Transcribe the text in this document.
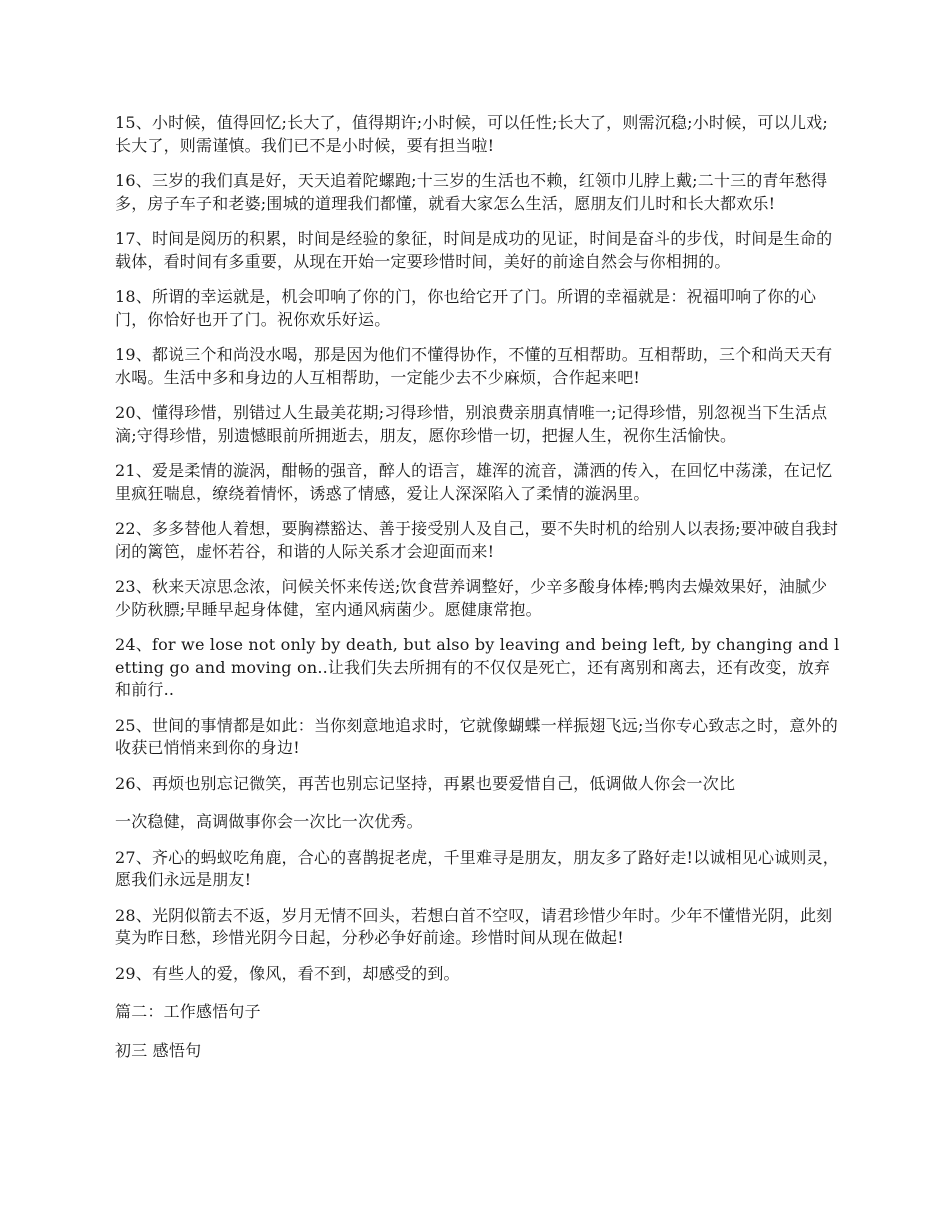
15、小时候，值得回忆;长大了，值得期许;小时候，可以任性;长大了，则需沉稳;小时候，可以儿戏;长大了，则需谨慎。我们已不是小时候，要有担当啦!

16、三岁的我们真是好，天天追着陀螺跑;十三岁的生活也不赖，红领巾儿脖上戴;二十三的青年愁得多，房子车子和老婆;围城的道理我们都懂，就看大家怎么生活，愿朋友们儿时和长大都欢乐!

17、时间是阅历的积累，时间是经验的象征，时间是成功的见证，时间是奋斗的步伐，时间是生命的载体，看时间有多重要，从现在开始一定要珍惜时间，美好的前途自然会与你相拥的。

18、所谓的幸运就是，机会叩响了你的门，你也给它开了门。所谓的幸福就是：祝福叩响了你的心门，你恰好也开了门。祝你欢乐好运。

19、都说三个和尚没水喝，那是因为他们不懂得协作，不懂的互相帮助。互相帮助，三个和尚天天有水喝。生活中多和身边的人互相帮助，一定能少去不少麻烦，合作起来吧!

20、懂得珍惜，别错过人生最美花期;习得珍惜，别浪费亲朋真情唯一;记得珍惜，别忽视当下生活点滴;守得珍惜，别遗憾眼前所拥逝去，朋友，愿你珍惜一切，把握人生，祝你生活愉快。

21、爱是柔情的漩涡，酣畅的强音，醉人的语言，雄浑的流音，潇洒的传入，在回忆中荡漾，在记忆里疯狂喘息，缭绕着情怀，诱惑了情感，爱让人深深陷入了柔情的漩涡里。

22、多多替他人着想，要胸襟豁达、善于接受别人及自己，要不失时机的给别人以表扬;要冲破自我封闭的篱笆，虚怀若谷，和谐的人际关系才会迎面而来!

23、秋来天凉思念浓，问候关怀来传送;饮食营养调整好，少辛多酸身体棒;鸭肉去燥效果好，油腻少少防秋膘;早睡早起身体健，室内通风病菌少。愿健康常抱。

24、for we lose not only by death, but also by leaving and being left, by changing and letting go and moving on..让我们失去所拥有的不仅仅是死亡，还有离别和离去，还有改变，放弃和前行..

25、世间的事情都是如此：当你刻意地追求时，它就像蝴蝶一样振翅飞远;当你专心致志之时，意外的收获已悄悄来到你的身边!

26、再烦也别忘记微笑，再苦也别忘记坚持，再累也要爱惜自己，低调做人你会一次比

一次稳健，高调做事你会一次比一次优秀。

27、齐心的蚂蚁吃角鹿，合心的喜鹊捉老虎，千里难寻是朋友，朋友多了路好走!以诚相见心诚则灵，愿我们永远是朋友!

28、光阴似箭去不返，岁月无情不回头，若想白首不空叹，请君珍惜少年时。少年不懂惜光阴，此刻莫为昨日愁，珍惜光阴今日起，分秒必争好前途。珍惜时间从现在做起!

29、有些人的爱，像风，看不到，却感受的到。

篇二：工作感悟句子

初三 感悟句
